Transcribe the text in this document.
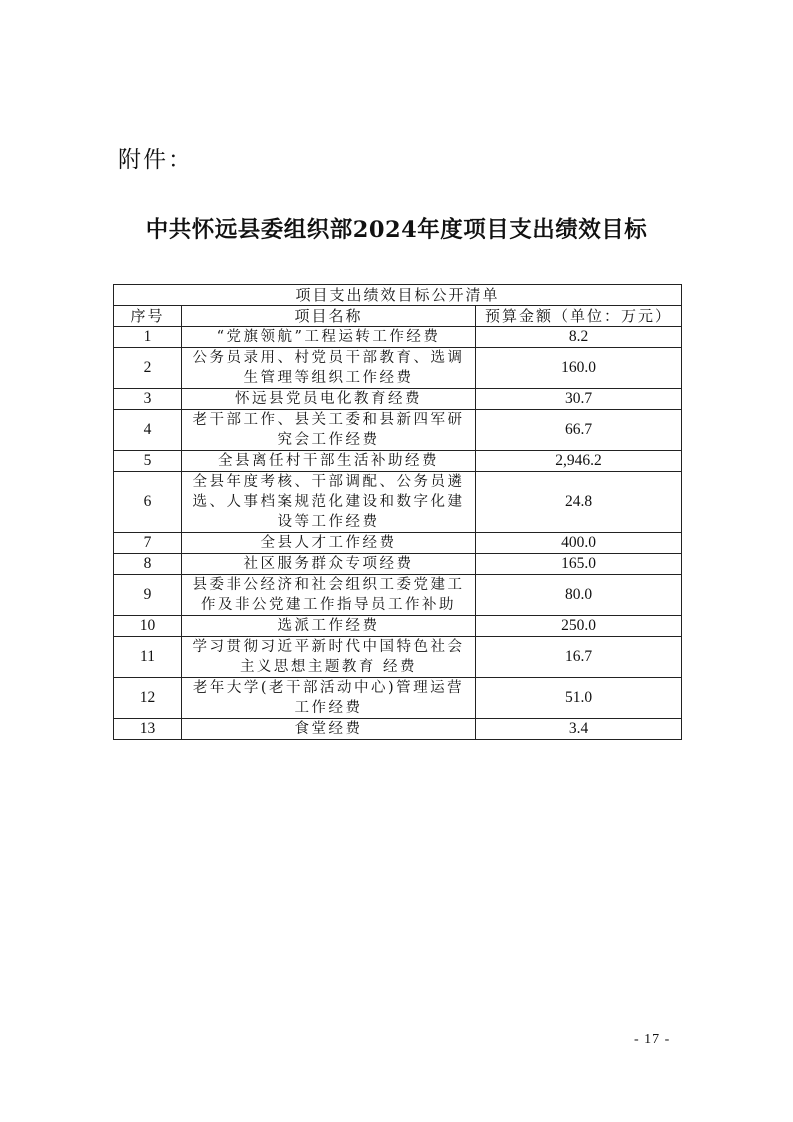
附件：
中共怀远县委组织部2024年度项目支出绩效目标
项目支出绩效目标公开清单		
序号	项目名称	预算金额（单位：万元）
1	“党旗领航”工程运转工作经费	8.2
2	公务员录用、村党员干部教育、选调生管理等组织工作经费	160.0
3	怀远县党员电化教育经费	30.7
4	老干部工作、县关工委和县新四军研究会工作经费	66.7
5	全县离任村干部生活补助经费	2,946.2
6	全县年度考核、干部调配、公务员遴选、人事档案规范化建设和数字化建设等工作经费	24.8
7	全县人才工作经费	400.0
8	社区服务群众专项经费	165.0
9	县委非公经济和社会组织工委党建工作及非公党建工作指导员工作补助	80.0
10	选派工作经费	250.0
11	学习贯彻习近平新时代中国特色社会主义思想主题教育 经费	16.7
12	老年大学(老干部活动中心)管理运营工作经费	51.0
13	食堂经费	3.4
- 17 -
